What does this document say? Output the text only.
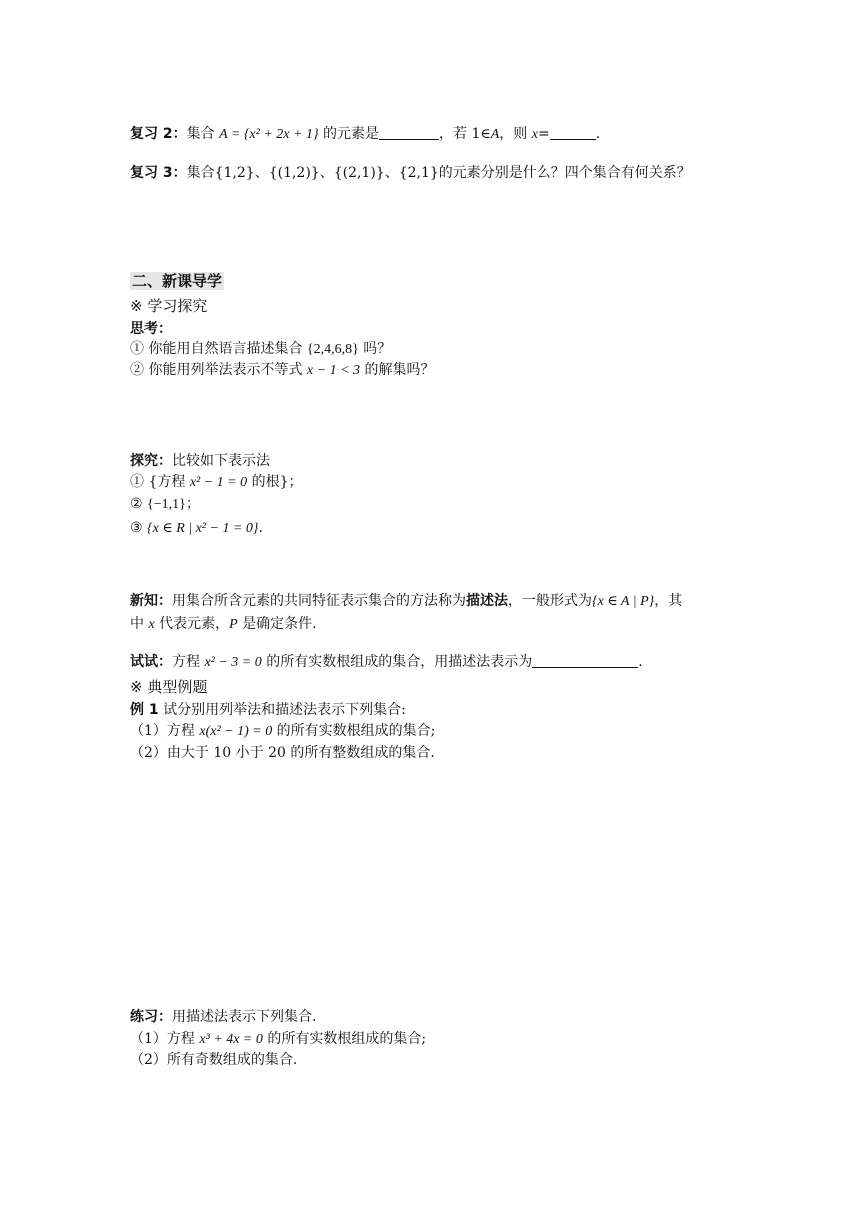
复习 2：集合 A = {x² + 2x + 1} 的元素是	，若 1∈A，则 x=	.
复习 3：集合{1,2}、{(1,2)}、{(2,1)}、{2,1}的元素分别是什么？四个集合有何关系？
二、新课导学
※ 学习探究
思考：
① 你能用自然语言描述集合 {2,4,6,8} 吗？
② 你能用列举法表示不等式 x − 1 < 3 的解集吗？
探究：比较如下表示法
① {方程 x² − 1 = 0 的根}；
② {−1,1}；
③ {x ∈ R | x² − 1 = 0}.
新知：用集合所含元素的共同特征表示集合的方法称为描述法，一般形式为{x ∈ A | P}，其
中 x 代表元素，P 是确定条件.
试试：方程 x² − 3 = 0 的所有实数根组成的集合，用描述法表示为	.
※ 典型例题
例 1 试分别用列举法和描述法表示下列集合:
（1）方程 x(x² − 1) = 0 的所有实数根组成的集合;
（2）由大于 10 小于 20 的所有整数组成的集合.
练习：用描述法表示下列集合.
（1）方程 x³ + 4x = 0 的所有实数根组成的集合;
（2）所有奇数组成的集合.
